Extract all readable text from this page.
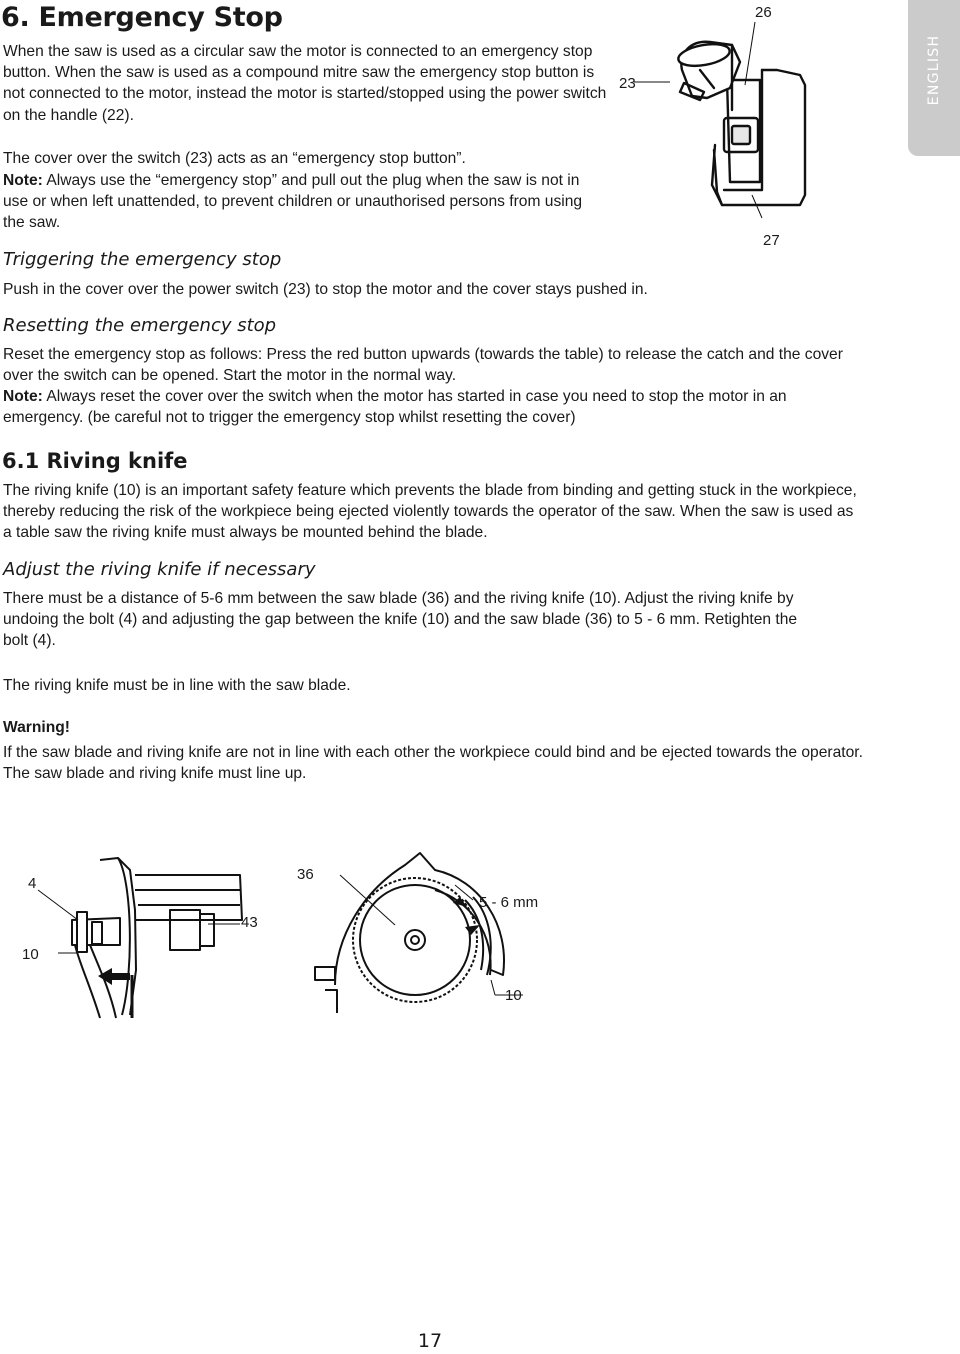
ENGLISH
6. Emergency Stop

When the saw is used as a circular saw the motor is connected to an emergency stop button. When the saw is used as a compound mitre saw the emergency stop button is not connected to the motor, instead the motor is started/stopped using the power switch on the handle (22).

23
26
27

The cover over the switch (23) acts as an “emergency stop button”.

Note: Always use the “emergency stop” and pull out the plug when the saw is not in use or when left unattended, to prevent children or unauthorised persons from using the saw.

Triggering the emergency stop

Push in the cover over the power switch (23) to stop the motor and the cover stays pushed in.

Resetting the emergency stop

Reset the emergency stop as follows: Press the red button upwards (towards the table) to release the catch and the cover over the switch can be opened. Start the motor in the normal way.

Note: Always reset the cover over the switch when the motor has started in case you need to stop the motor in an emergency. (be careful not to trigger the emergency stop whilst resetting the cover)

6.1 Riving knife

The riving knife (10) is an important safety feature which prevents the blade from binding and getting stuck in the workpiece, thereby reducing the risk of the workpiece being ejected violently towards the operator of the saw. When the saw is used as a table saw the riving knife must always be mounted behind the blade.

Adjust the riving knife if necessary

There must be a distance of 5-6 mm between the saw blade (36) and the riving knife (10). Adjust the riving knife by undoing the bolt (4) and adjusting the gap between the knife (10) and the saw blade (36) to 5 - 6 mm. Retighten the bolt (4).

The riving knife must be in line with the saw blade.

Warning!

If the saw blade and riving knife are not in line with each other the workpiece could bind and be ejected towards the operator. The saw blade and riving knife must line up.

4
10
43
36
5 - 6 mm
10
17
